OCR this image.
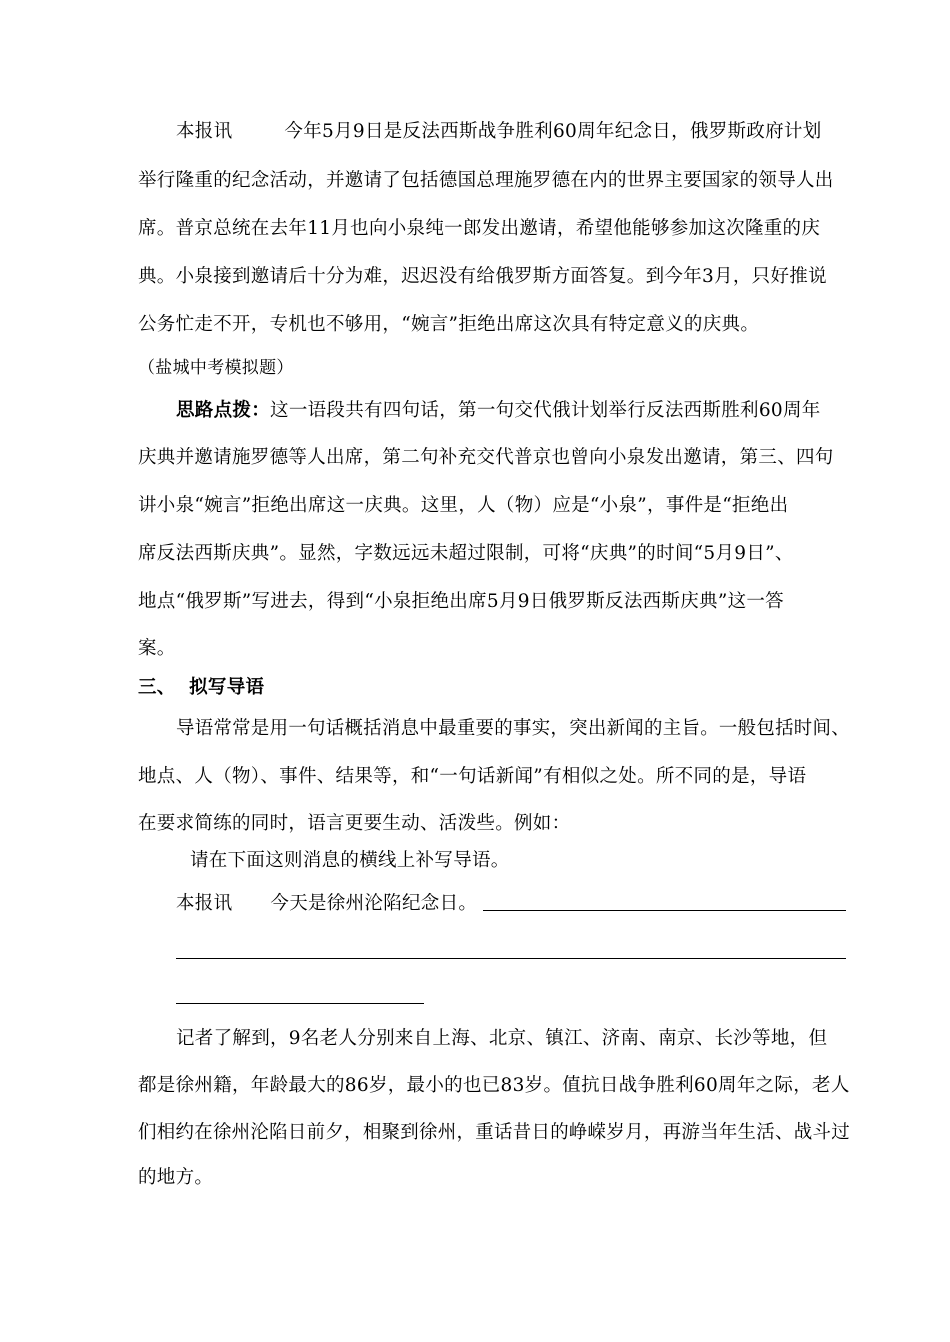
本报讯	今年5月9日是反法西斯战争胜利60周年纪念日，俄罗斯政府计划
举行隆重的纪念活动，并邀请了包括德国总理施罗德在内的世界主要国家的领导人出
席。普京总统在去年11月也向小泉纯一郎发出邀请，希望他能够参加这次隆重的庆
典。小泉接到邀请后十分为难，迟迟没有给俄罗斯方面答复。到今年3月，只好推说
公务忙走不开，专机也不够用，“婉言”拒绝出席这次具有特定意义的庆典。
（盐城中考模拟题）
思路点拨：这一语段共有四句话，第一句交代俄计划举行反法西斯胜利60周年
庆典并邀请施罗德等人出席，第二句补充交代普京也曾向小泉发出邀请，第三、四句
讲小泉“婉言”拒绝出席这一庆典。这里，人（物）应是“小泉”，事件是“拒绝出
席反法西斯庆典”。显然，字数远远未超过限制，可将“庆典”的时间“5月9日”、
地点“俄罗斯”写进去，得到“小泉拒绝出席5月9日俄罗斯反法西斯庆典”这一答
案。
三、 拟写导语
导语常常是用一句话概括消息中最重要的事实，突出新闻的主旨。一般包括时间、
地点、人（物）、事件、结果等，和“一句话新闻”有相似之处。所不同的是，导语
在要求简练的同时，语言更要生动、活泼些。例如：
请在下面这则消息的横线上补写导语。
本报讯 今天是徐州沦陷纪念日。
记者了解到，9名老人分别来自上海、北京、镇江、济南、南京、长沙等地，但
都是徐州籍，年龄最大的86岁，最小的也已83岁。值抗日战争胜利60周年之际，老人
们相约在徐州沦陷日前夕，相聚到徐州，重话昔日的峥嵘岁月，再游当年生活、战斗过
的地方。
